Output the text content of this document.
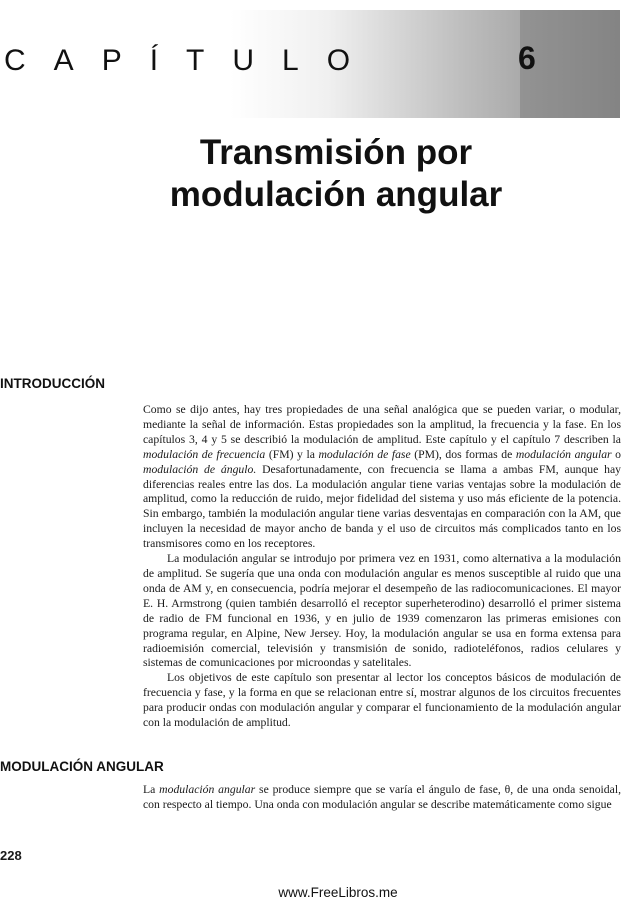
CAPÍTULO	6
Transmisión por
modulación angular
INTRODUCCIÓN

Como se dijo antes, hay tres propiedades de una señal analógica que se pueden variar, o modular, mediante la señal de información. Estas propiedades son la amplitud, la frecuencia y la fase. En los capítulos 3, 4 y 5 se describió la modulación de amplitud. Este capítulo y el capítulo 7 describen la modulación de frecuencia (FM) y la modulación de fase (PM), dos formas de modulación angular o modulación de ángulo. Desafortunadamente, con frecuencia se llama a ambas FM, aunque hay diferencias reales entre las dos. La modulación angular tiene varias ventajas sobre la modulación de amplitud, como la reducción de ruido, mejor fidelidad del sistema y uso más eficiente de la potencia. Sin embargo, también la modulación angular tiene varias desventajas en comparación con la AM, que incluyen la necesidad de mayor ancho de banda y el uso de circuitos más complicados tanto en los transmisores como en los receptores.

La modulación angular se introdujo por primera vez en 1931, como alternativa a la modulación de amplitud. Se sugería que una onda con modulación angular es menos susceptible al ruido que una onda de AM y, en consecuencia, podría mejorar el desempeño de las radiocomunicaciones. El mayor E. H. Armstrong (quien también desarrolló el receptor superheterodino) desarrolló el primer sistema de radio de FM funcional en 1936, y en julio de 1939 comenzaron las primeras emisiones con programa regular, en Alpine, New Jersey. Hoy, la modulación angular se usa en forma extensa para radioemisión comercial, televisión y transmisión de sonido, radioteléfonos, radios celulares y sistemas de comunicaciones por microondas y satelitales.

Los objetivos de este capítulo son presentar al lector los conceptos básicos de modulación de frecuencia y fase, y la forma en que se relacionan entre sí, mostrar algunos de los circuitos frecuentes para producir ondas con modulación angular y comparar el funcionamiento de la modulación angular con la modulación de amplitud.

MODULACIÓN ANGULAR

La modulación angular se produce siempre que se varía el ángulo de fase, θ, de una onda senoidal, con respecto al tiempo. Una onda con modulación angular se describe matemáticamente como sigue

228
www.FreeLibros.me
